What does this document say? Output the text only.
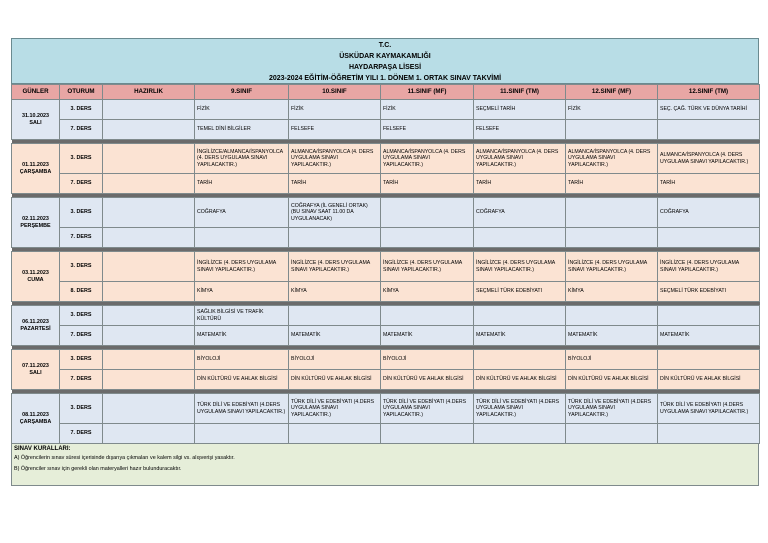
T.C.
ÜSKÜDAR KAYMAKAMLIĞI
HAYDARPAŞA LİSESİ
2023-2024 EĞİTİM-ÖĞRETİM YILI 1. DÖNEM 1. ORTAK SINAV TAKVİMİ
GÜNLER	OTURUM	HAZIRLIK	9.SINIF	10.SINIF	11.SINIF (MF)	11.SINIF (TM)	12.SINIF (MF)	12.SINIF (TM)

31.10.2023
SALI	3. DERS		FİZİK	FİZİK	FİZİK	SEÇMELİ TARİH	FİZİK	SEÇ. ÇAĞ. TÜRK VE DÜNYA TARİHİ
	7. DERS		TEMEL DİNİ BİLGİLER	FELSEFE	FELSEFE	FELSEFE		

01.11.2023
ÇARŞAMBA	3. DERS		İNGİLİZCE/ALMANCA/İSPANYOLCA (4. DERS UYGULAMA SINAVI YAPILACAKTIR.)	ALMANCA/İSPANYOLCA (4. DERS UYGULAMA SINAVI YAPILACAKTIR.)	ALMANCA/İSPANYOLCA (4. DERS UYGULAMA SINAVI YAPILACAKTIR.)	ALMANCA/İSPANYOLCA (4. DERS UYGULAMA SINAVI YAPILACAKTIR.)	ALMANCA/İSPANYOLCA (4. DERS UYGULAMA SINAVI YAPILACAKTIR.)	ALMANCA/İSPANYOLCA (4. DERS UYGULAMA SINAVI YAPILACAKTIR.)
	7. DERS		TARİH	TARİH	TARİH	TARİH	TARİH	TARİH

02.11.2023
PERŞEMBE	3. DERS		COĞRAFYA	COĞRAFYA (İL GENELİ ORTAK) (BU SINAV SAAT 11.00 DA UYGULANACAK)		COĞRAFYA		COĞRAFYA
	7. DERS							

03.11.2023
CUMA	3. DERS		İNGİLİZCE (4. DERS UYGULAMA SINAVI YAPILACAKTIR.)	İNGİLİZCE (4. DERS UYGULAMA SINAVI YAPILACAKTIR.)	İNGİLİZCE (4. DERS UYGULAMA SINAVI YAPILACAKTIR.)	İNGİLİZCE (4. DERS UYGULAMA SINAVI YAPILACAKTIR.)	İNGİLİZCE (4. DERS UYGULAMA SINAVI YAPILACAKTIR.)	İNGİLİZCE (4. DERS UYGULAMA SINAVI YAPILACAKTIR.)
	8. DERS		KİMYA	KİMYA	KİMYA	SEÇMELİ TÜRK EDEBİYATI	KİMYA	SEÇMELİ TÜRK EDEBİYATI

06.11.2023
PAZARTESİ	3. DERS		SAĞLIK BİLGİSİ VE TRAFİK KÜLTÜRÜ					
	7. DERS		MATEMATİK	MATEMATİK	MATEMATİK	MATEMATİK	MATEMATİK	MATEMATİK

07.11.2023
SALI	3. DERS		BİYOLOJİ	BİYOLOJİ	BİYOLOJİ		BİYOLOJİ	
	7. DERS		DİN KÜLTÜRÜ VE AHLAK BİLGİSİ	DİN KÜLTÜRÜ VE AHLAK BİLGİSİ	DİN KÜLTÜRÜ VE AHLAK BİLGİSİ	DİN KÜLTÜRÜ VE AHLAK BİLGİSİ	DİN KÜLTÜRÜ VE AHLAK BİLGİSİ	DİN KÜLTÜRÜ VE AHLAK BİLGİSİ

08.11.2023
ÇARŞAMBA	3. DERS		TÜRK DİLİ VE EDEBİYATI (4.DERS UYGULAMA SINAVI YAPILACAKTIR.)	TÜRK DİLİ VE EDEBİYATI (4.DERS UYGULAMA SINAVI YAPILACAKTIR.)	TÜRK DİLİ VE EDEBİYATI (4.DERS UYGULAMA SINAVI YAPILACAKTIR.)	TÜRK DİLİ VE EDEBİYATI (4.DERS UYGULAMA SINAVI YAPILACAKTIR.)	TÜRK DİLİ VE EDEBİYATI (4.DERS UYGULAMA SINAVI YAPILACAKTIR.)	TÜRK DİLİ VE EDEBİYATI (4.DERS UYGULAMA SINAVI YAPILACAKTIR.)
	7. DERS							
SINAV KURALLARI:
A) Öğrencilerin sınav süresi içerisinde dışarıya çıkmaları ve kalem silgi vs. alışverişi yasaktır.
B) Öğrenciler sınav için gerekli olan materyalleri hazır bulunduracaktır.
